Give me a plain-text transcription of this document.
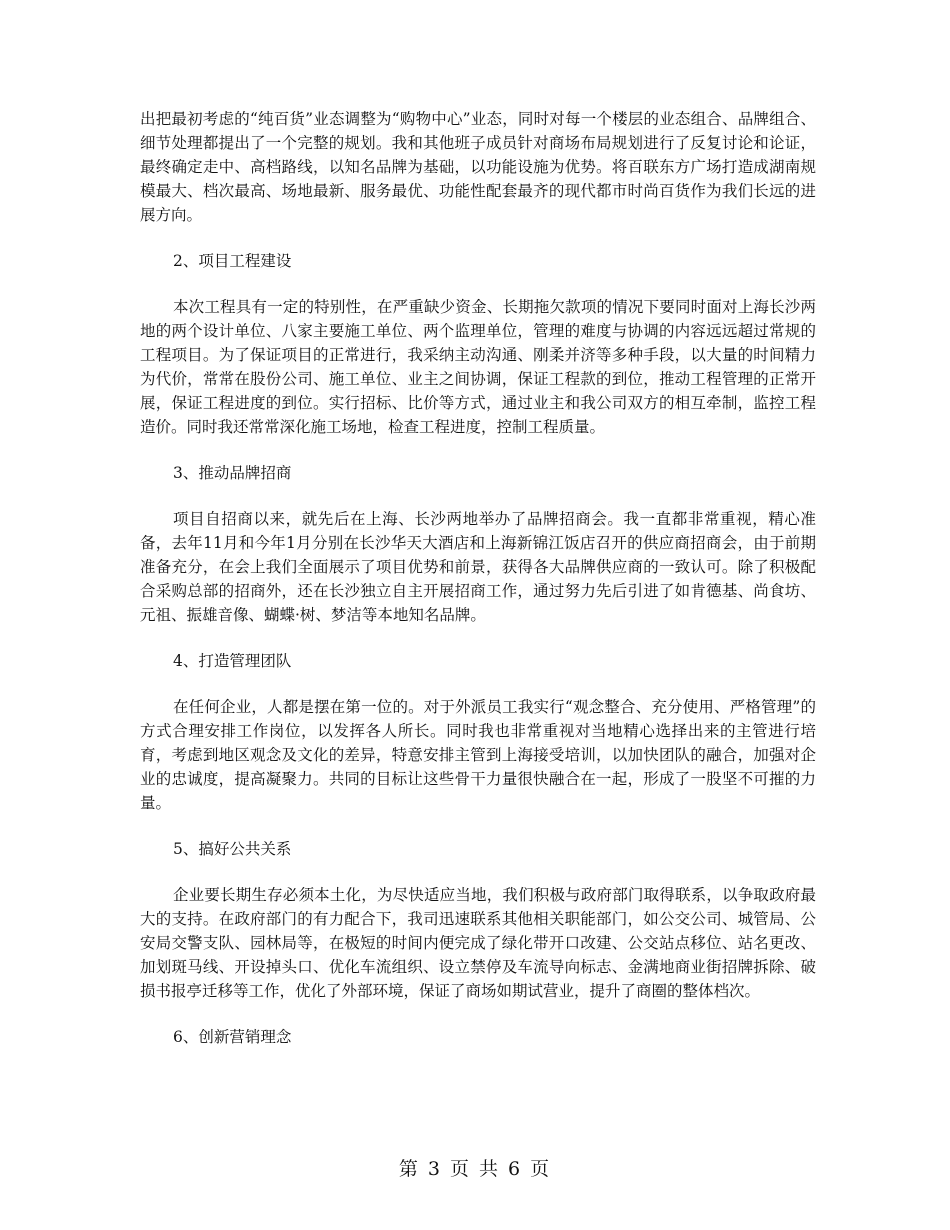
出把最初考虑的“纯百货”业态调整为“购物中心”业态，同时对每一个楼层的业态组合、品牌组合、细节处理都提出了一个完整的规划。我和其他班子成员针对商场布局规划进行了反复讨论和论证，最终确定走中、高档路线，以知名品牌为基础，以功能设施为优势。将百联东方广场打造成湖南规模最大、档次最高、场地最新、服务最优、功能性配套最齐的现代都市时尚百货作为我们长远的进展方向。

2、项目工程建设

本次工程具有一定的特别性，在严重缺少资金、长期拖欠款项的情况下要同时面对上海长沙两地的两个设计单位、八家主要施工单位、两个监理单位，管理的难度与协调的内容远远超过常规的工程项目。为了保证项目的正常进行，我采纳主动沟通、刚柔并济等多种手段，以大量的时间精力为代价，常常在股份公司、施工单位、业主之间协调，保证工程款的到位，推动工程管理的正常开展，保证工程进度的到位。实行招标、比价等方式，通过业主和我公司双方的相互牵制，监控工程造价。同时我还常常深化施工场地，检查工程进度，控制工程质量。

3、推动品牌招商

项目自招商以来，就先后在上海、长沙两地举办了品牌招商会。我一直都非常重视，精心准备，去年11月和今年1月分别在长沙华天大酒店和上海新锦江饭店召开的供应商招商会，由于前期准备充分，在会上我们全面展示了项目优势和前景，获得各大品牌供应商的一致认可。除了积极配合采购总部的招商外，还在长沙独立自主开展招商工作，通过努力先后引进了如肯德基、尚食坊、元祖、振雄音像、蝴蝶·树、梦洁等本地知名品牌。

4、打造管理团队

在任何企业，人都是摆在第一位的。对于外派员工我实行“观念整合、充分使用、严格管理”的方式合理安排工作岗位，以发挥各人所长。同时我也非常重视对当地精心选择出来的主管进行培育，考虑到地区观念及文化的差异，特意安排主管到上海接受培训，以加快团队的融合，加强对企业的忠诚度，提高凝聚力。共同的目标让这些骨干力量很快融合在一起，形成了一股坚不可摧的力量。

5、搞好公共关系

企业要长期生存必须本土化，为尽快适应当地，我们积极与政府部门取得联系，以争取政府最大的支持。在政府部门的有力配合下，我司迅速联系其他相关职能部门，如公交公司、城管局、公安局交警支队、园林局等，在极短的时间内便完成了绿化带开口改建、公交站点移位、站名更改、加划斑马线、开设掉头口、优化车流组织、设立禁停及车流导向标志、金满地商业街招牌拆除、破损书报亭迁移等工作，优化了外部环境，保证了商场如期试营业，提升了商圈的整体档次。

6、创新营销理念

第 3 页 共 6 页
